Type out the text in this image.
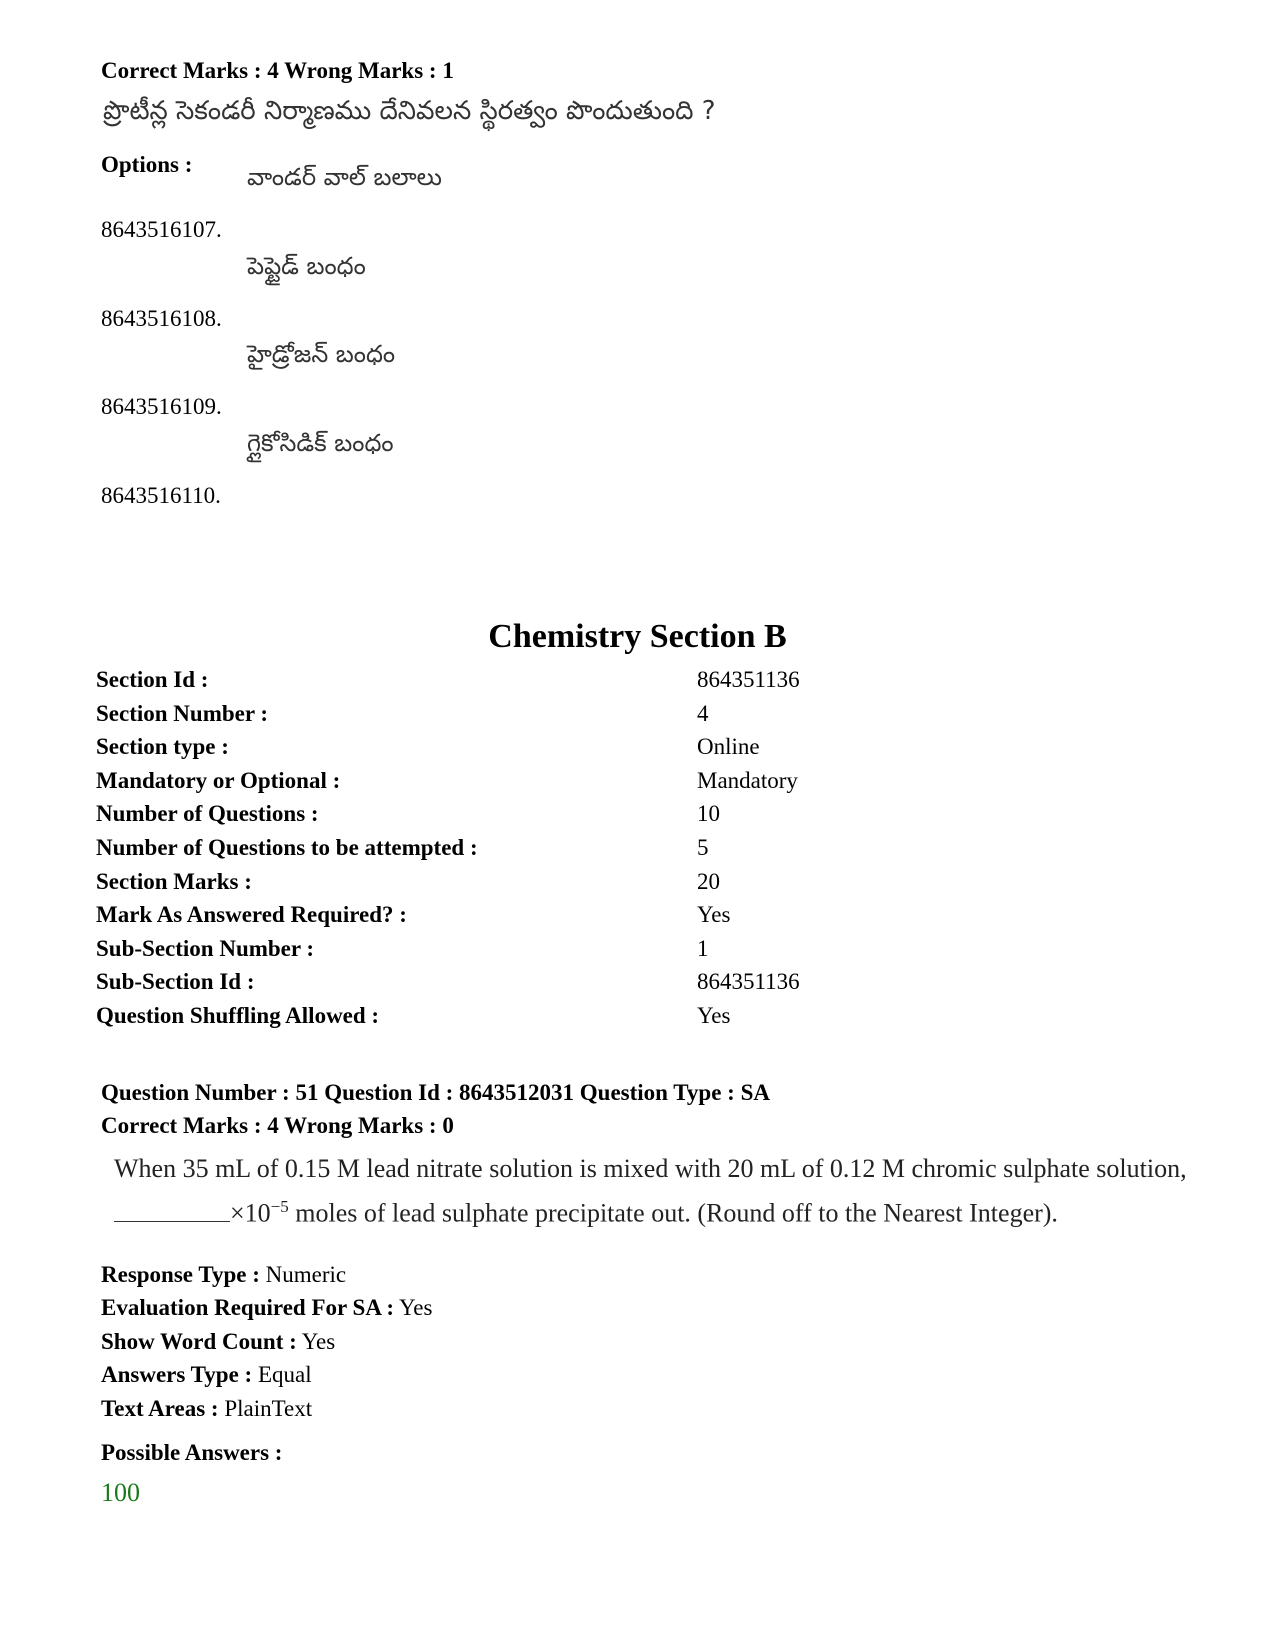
Correct Marks : 4 Wrong Marks : 1
ప్రొటీన్ల సెకండరీ నిర్మాణము దేనివలన స్థిరత్వం పొందుతుంది ?
Options :
8643516107.
వాండర్ వాల్ బలాలు
8643516108.
పెప్టైడ్ బంధం
8643516109.
హైడ్రోజన్ బంధం
8643516110.
గ్లైకోసిడిక్ బంధం
Chemistry Section B
Section Id :	864351136
Section Number :	4
Section type :	Online
Mandatory or Optional :	Mandatory
Number of Questions :	10
Number of Questions to be attempted :	5
Section Marks :	20
Mark As Answered Required? :	Yes
Sub-Section Number :	1
Sub-Section Id :	864351136
Question Shuffling Allowed :	Yes
Question Number : 51 Question Id : 8643512031 Question Type : SA
Correct Marks : 4 Wrong Marks : 0
When 35 mL of 0.15 M lead nitrate solution is mixed with 20 mL of 0.12 M chromic sulphate solution, $\times 10^{-5}$ moles of lead sulphate precipitate out. (Round off to the Nearest Integer).
Response Type : Numeric
Evaluation Required For SA : Yes
Show Word Count : Yes
Answers Type : Equal
Text Areas : PlainText
Possible Answers :
100
